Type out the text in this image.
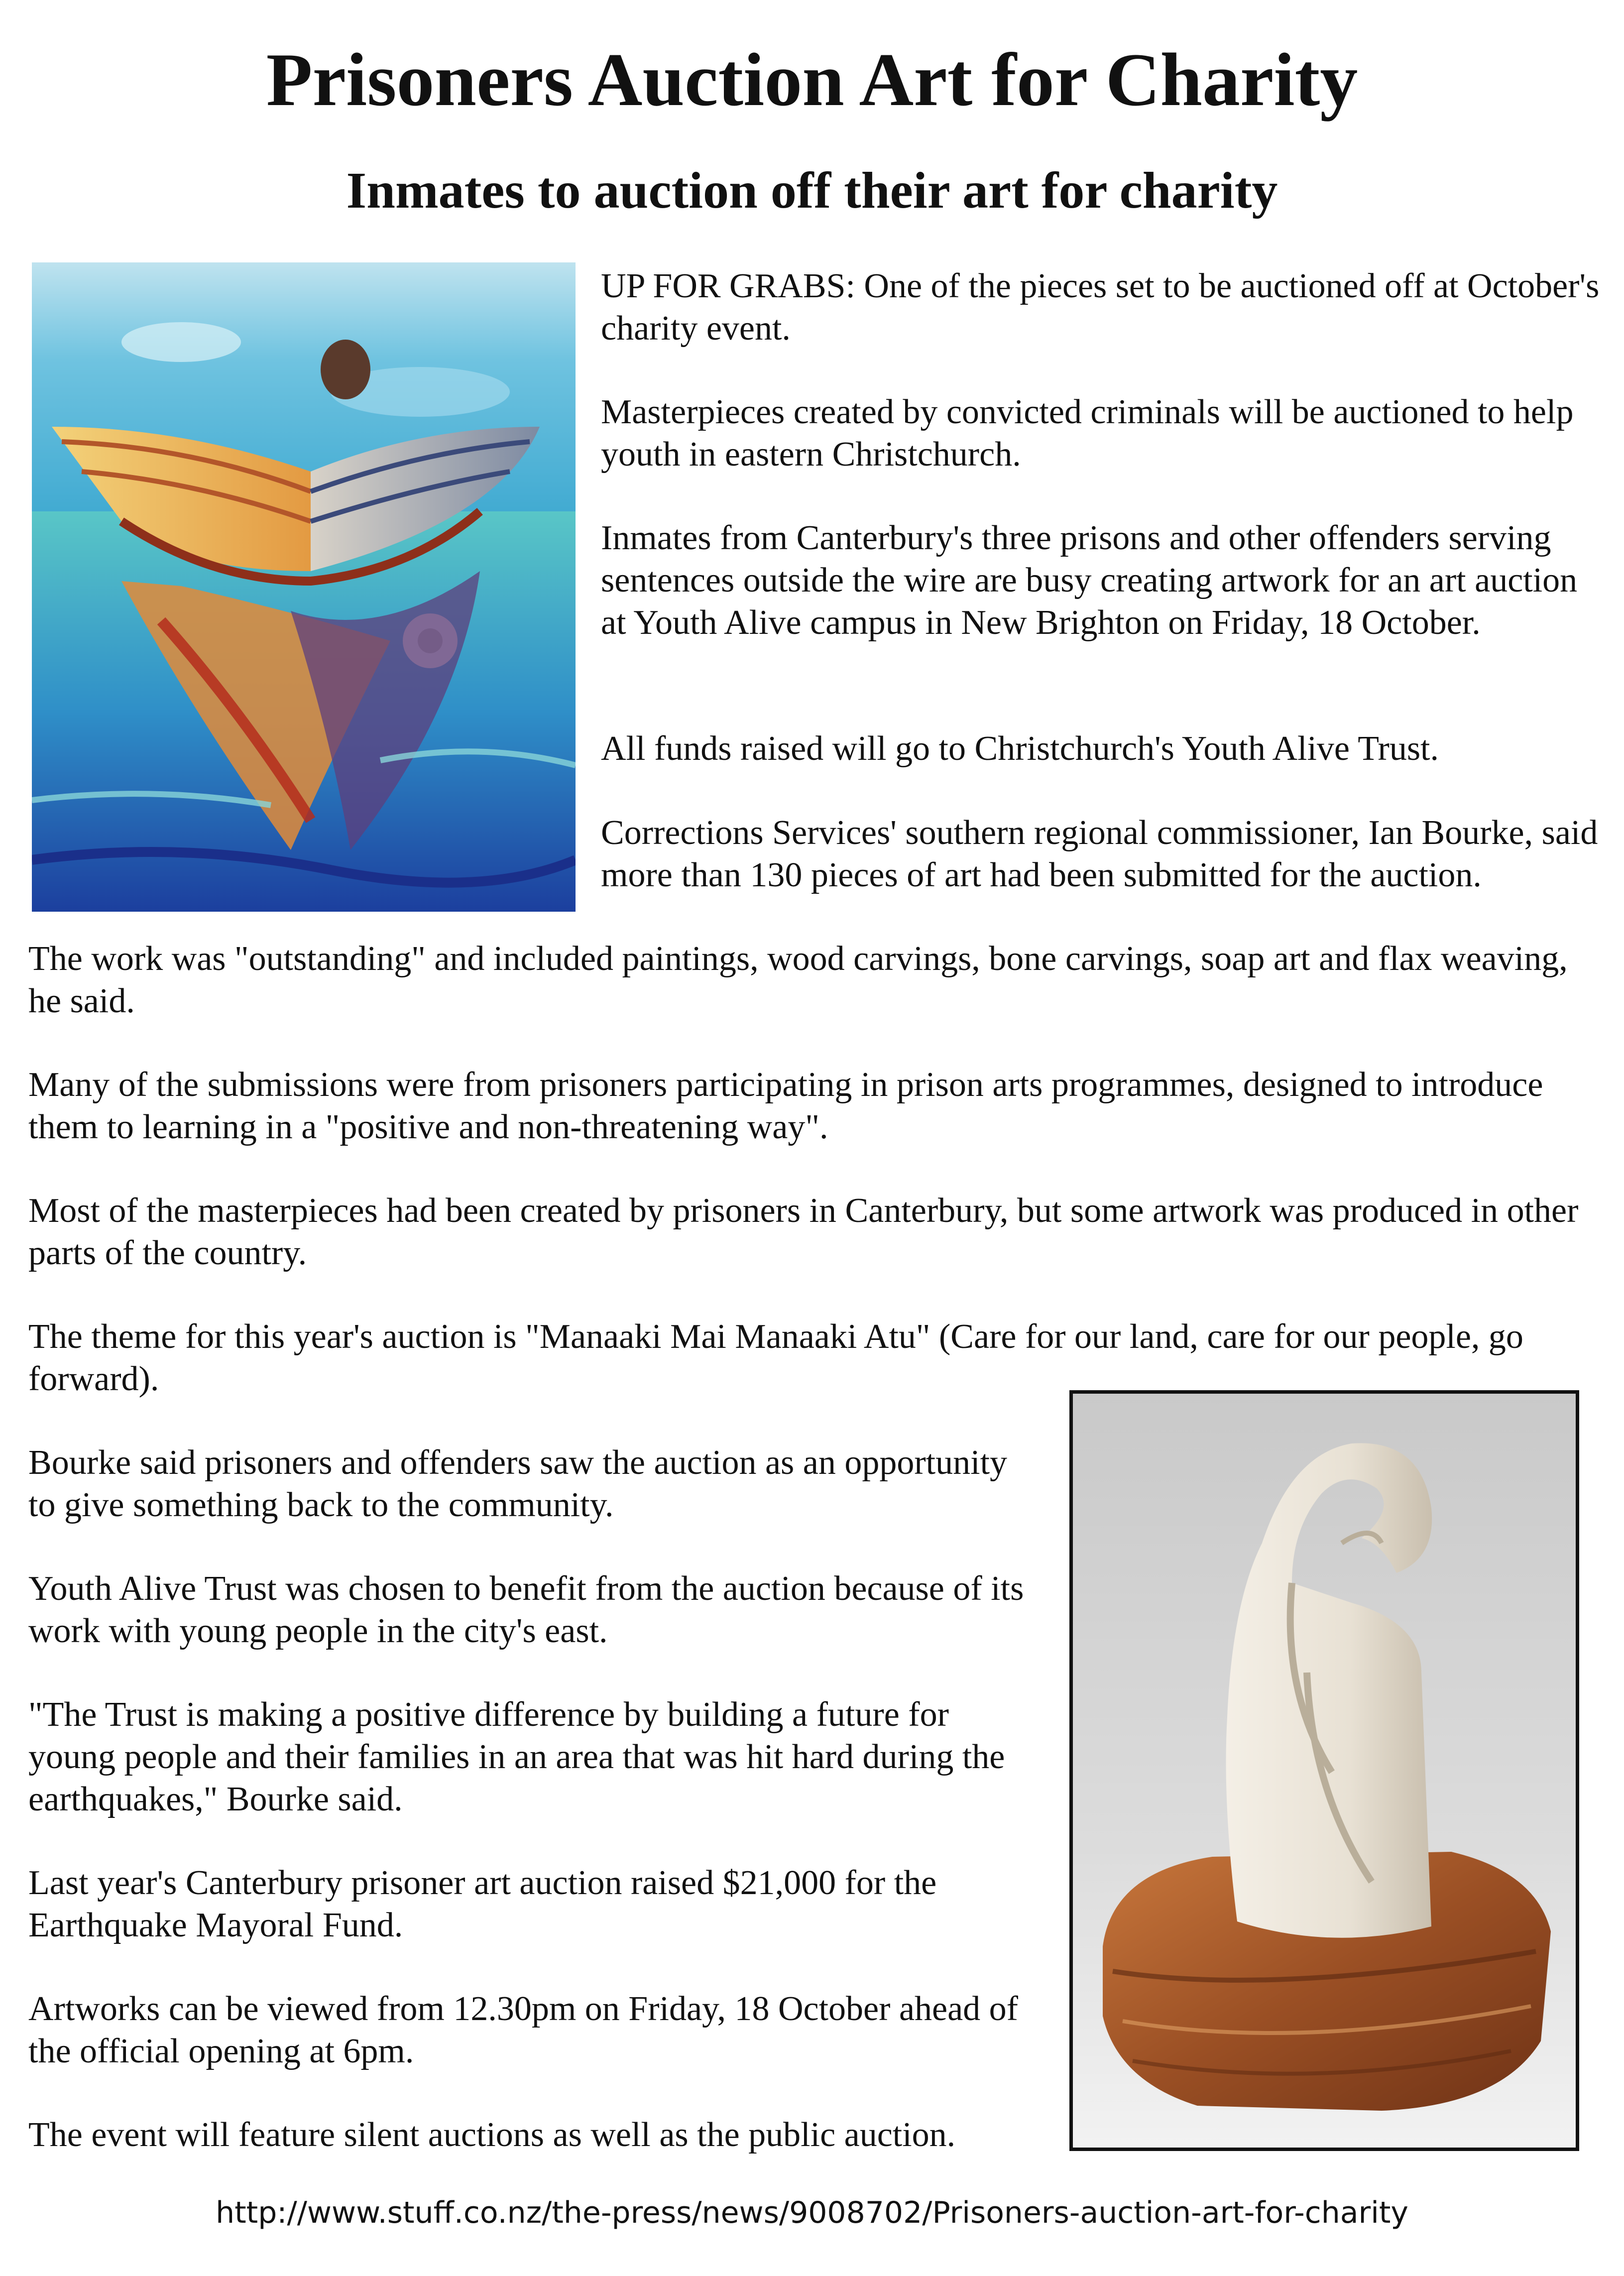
Prisoners Auction Art for Charity
Inmates to auction off their art for charity

UP FOR GRABS: One of the pieces set to be auctioned off at October's charity event.

Masterpieces created by convicted criminals will be auctioned to help youth in eastern Christchurch.

Inmates from Canterbury's three prisons and other offenders serving sentences outside the wire are busy creating artwork for an art auction at Youth Alive campus in New Brighton on Friday, 18 October.

All funds raised will go to Christchurch's Youth Alive Trust.

Corrections Services' southern regional commissioner, Ian Bourke, said more than 130 pieces of art had been submitted for the auction.

The work was "outstanding" and included paintings, wood carvings, bone carvings, soap art and flax weaving, he said.

Many of the submissions were from prisoners participating in prison arts programmes, designed to introduce them to learning in a "positive and non-threatening way".

Most of the masterpieces had been created by prisoners in Canterbury, but some artwork was produced in other parts of the country.

The theme for this year's auction is "Manaaki Mai Manaaki Atu" (Care for our land, care for our people, go forward).

Bourke said prisoners and offenders saw the auction as an opportunity to give something back to the community.

Youth Alive Trust was chosen to benefit from the auction because of its work with young people in the city's east.

"The Trust is making a positive difference by building a future for young people and their families in an area that was hit hard during the earthquakes," Bourke said.

Last year's Canterbury prisoner art auction raised $21,000 for the Earthquake Mayoral Fund.

Artworks can be viewed from 12.30pm on Friday, 18 October ahead of the official opening at 6pm.

The event will feature silent auctions as well as the public auction.

http://www.stuff.co.nz/the-press/news/9008702/Prisoners-auction-art-for-charity
